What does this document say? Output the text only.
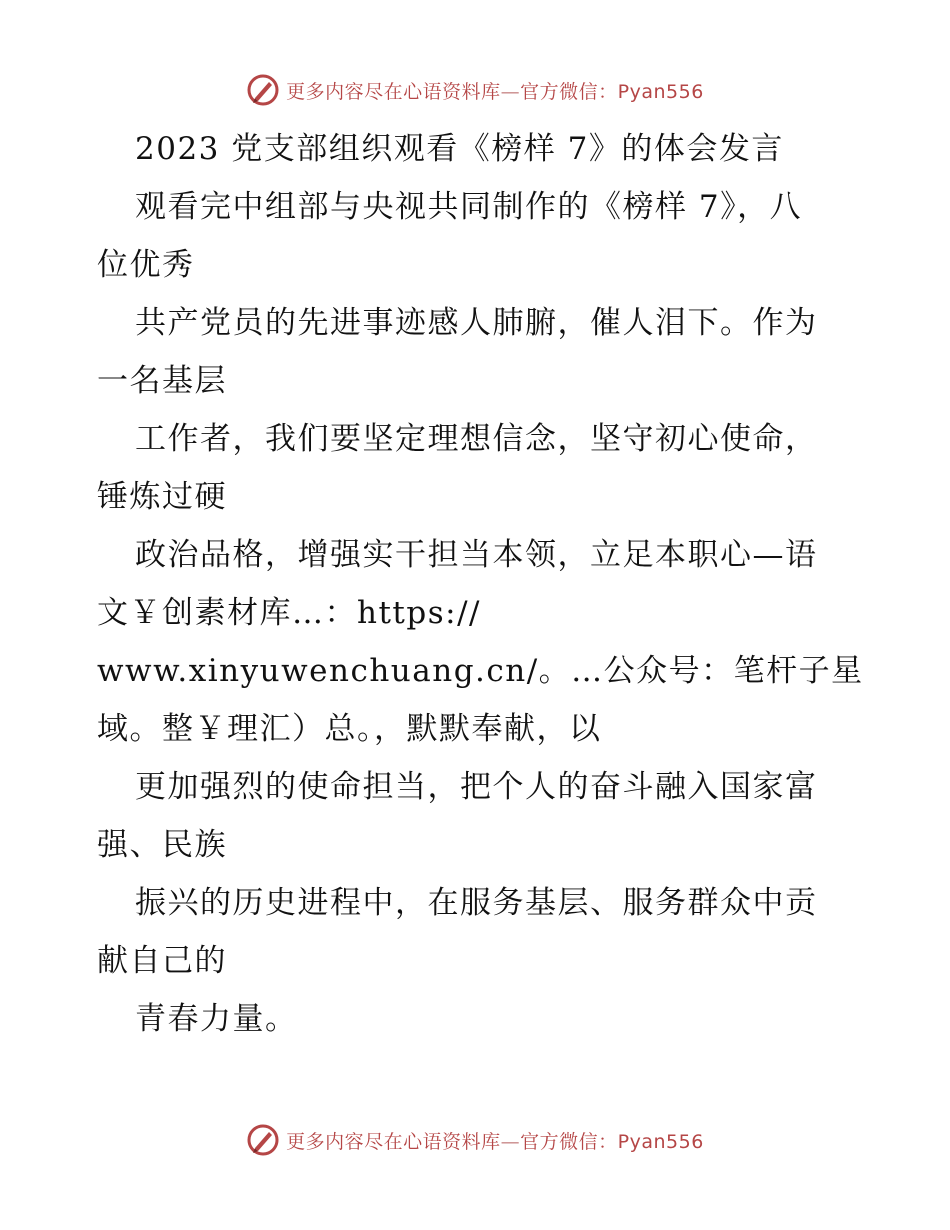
更多内容尽在心语资料库—官方微信：Pyan556
2023 党支部组织观看《榜样 7》的体会发言
观看完中组部与央视共同制作的《榜样 7》，八
位优秀
共产党员的先进事迹感人肺腑，催人泪下。作为
一名基层
工作者，我们要坚定理想信念，坚守初心使命，
锤炼过硬
政治品格，增强实干担当本领，立足本职心—语
文￥创素材库…：https://
www.xinyuwenchuang.cn/。…公众号：笔杆子星
域。整￥理汇）总。，默默奉献，以
更加强烈的使命担当，把个人的奋斗融入国家富
强、民族
振兴的历史进程中，在服务基层、服务群众中贡
献自己的
青春力量。
更多内容尽在心语资料库—官方微信：Pyan556
